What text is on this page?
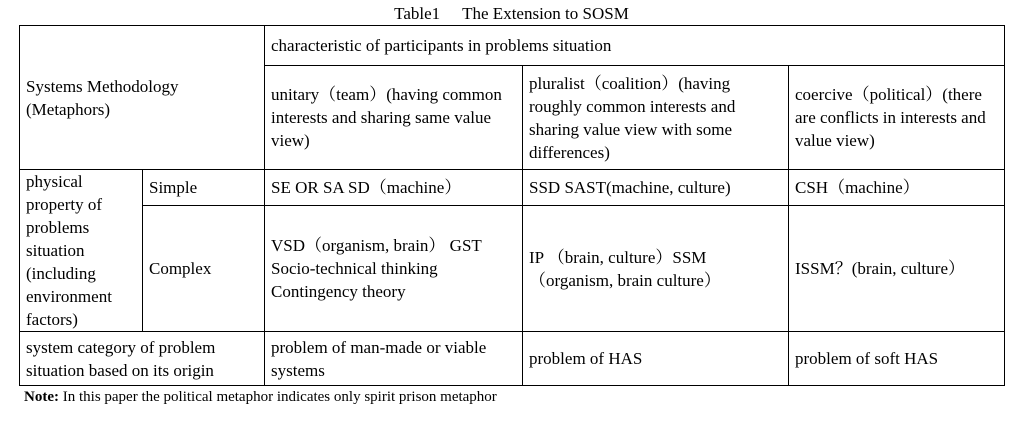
Table1 The Extension to SOSM
Systems Methodology (Metaphors)		characteristic of participants in problems situation		
		unitary（team）(having common interests and sharing same value view)	pluralist（coalition）(having roughly common interests and sharing value view with some differences)	coercive（political）(there are conflicts in interests and value view)
physical property of problems situation (including environment factors)	Simple	SE OR SA SD（machine）	SSD SAST(machine, culture)	CSH（machine）
	Complex	VSD（organism, brain） GST Socio-technical thinking Contingency theory	IP （brain, culture）SSM（organism, brain culture）	ISSM？(brain, culture）
system category of problem situation based on its origin		problem of man-made or viable systems	problem of HAS	problem of soft HAS
Note: In this paper the political metaphor indicates only spirit prison metaphor
